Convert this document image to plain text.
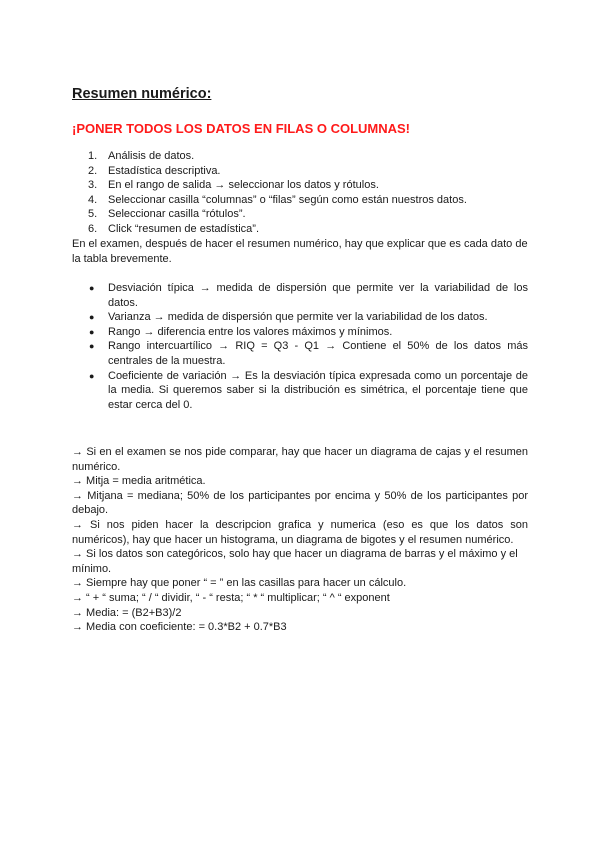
Resumen numérico:

¡PONER TODOS LOS DATOS EN FILAS O COLUMNAS!

1. Análisis de datos.
2. Estadística descriptiva.
3. En el rango de salida → seleccionar los datos y rótulos.
4. Seleccionar casilla “columnas” o “filas” según como están nuestros datos.
5. Seleccionar casilla “rótulos”.
6. Click “resumen de estadística”.

En el examen, después de hacer el resumen numérico, hay que explicar que es cada dato de la tabla brevemente.

● Desviación típica → medida de dispersión que permite ver la variabilidad de los datos.
● Varianza → medida de dispersión que permite ver la variabilidad de los datos.
● Rango → diferencia entre los valores máximos y mínimos.
● Rango intercuartílico → RIQ = Q3 - Q1 → Contiene el 50% de los datos más centrales de la muestra.
● Coeficiente de variación → Es la desviación típica expresada como un porcentaje de la media. Si queremos saber si la distribución es simétrica, el porcentaje tiene que estar cerca del 0.

→ Si en el examen se nos pide comparar, hay que hacer un diagrama de cajas y el resumen numérico.

→ Mitja = media aritmética.

→ Mitjana = mediana; 50% de los participantes por encima y 50% de los participantes por debajo.

→ Si nos piden hacer la descripcion grafica y numerica (eso es que los datos son numéricos), hay que hacer un histograma, un diagrama de bigotes y el resumen numérico.

→ Si los datos son categóricos, solo hay que hacer un diagrama de barras y el máximo y el mínimo.

→ Siempre hay que poner “ = ” en las casillas para hacer un cálculo.

→ “ + “ suma; “ / “ dividir, “ - “ resta; “ * “ multiplicar; “ ^ “ exponent

→ Media: = (B2+B3)/2

→ Media con coeficiente: = 0.3*B2 + 0.7*B3
